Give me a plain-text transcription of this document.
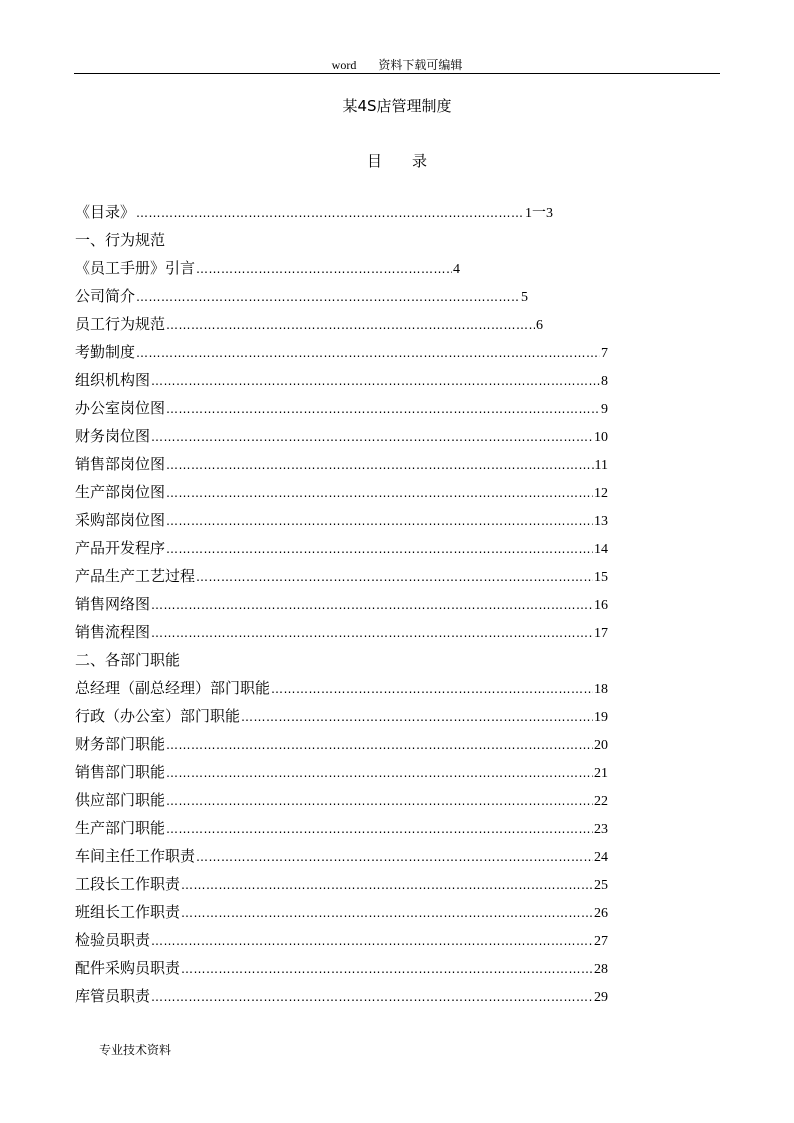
word 资料下载可编辑
某4S店管理制度
目 录
《目录》 ……………………………………………………………………………………………………………………………………………………………………………………………………………………	1一3
一、行为规范
《员工手册》引言 ……………………………………………………………………………………………………………………………………………………………………………………………………………………	4
公司简介 ……………………………………………………………………………………………………………………………………………………………………………………………………………………	5
员工行为规范 ……………………………………………………………………………………………………………………………………………………………………………………………………………………	6
考勤制度 ……………………………………………………………………………………………………………………………………………………………………………………………………………………	7
组织机构图 ……………………………………………………………………………………………………………………………………………………………………………………………………………………	8
办公室岗位图 ……………………………………………………………………………………………………………………………………………………………………………………………………………………	9
财务岗位图 ……………………………………………………………………………………………………………………………………………………………………………………………………………………	10
销售部岗位图 ……………………………………………………………………………………………………………………………………………………………………………………………………………………	11
生产部岗位图 ……………………………………………………………………………………………………………………………………………………………………………………………………………………	12
采购部岗位图 ……………………………………………………………………………………………………………………………………………………………………………………………………………………	13
产品开发程序 ……………………………………………………………………………………………………………………………………………………………………………………………………………………	14
产品生产工艺过程 ……………………………………………………………………………………………………………………………………………………………………………………………………………………	15
销售网络图 ……………………………………………………………………………………………………………………………………………………………………………………………………………………	16
销售流程图 ……………………………………………………………………………………………………………………………………………………………………………………………………………………	17
二、各部门职能
总经理（副总经理）部门职能 ……………………………………………………………………………………………………………………………………………………………………………………………………………………	18
行政（办公室）部门职能 ……………………………………………………………………………………………………………………………………………………………………………………………………………………	19
财务部门职能 ……………………………………………………………………………………………………………………………………………………………………………………………………………………	20
销售部门职能 ……………………………………………………………………………………………………………………………………………………………………………………………………………………	21
供应部门职能 ……………………………………………………………………………………………………………………………………………………………………………………………………………………	22
生产部门职能 ……………………………………………………………………………………………………………………………………………………………………………………………………………………	23
车间主任工作职责 ……………………………………………………………………………………………………………………………………………………………………………………………………………………	24
工段长工作职责 ……………………………………………………………………………………………………………………………………………………………………………………………………………………	25
班组长工作职责 ……………………………………………………………………………………………………………………………………………………………………………………………………………………	26
检验员职责 ……………………………………………………………………………………………………………………………………………………………………………………………………………………	27
配件采购员职责 ……………………………………………………………………………………………………………………………………………………………………………………………………………………	28
库管员职责 ……………………………………………………………………………………………………………………………………………………………………………………………………………………	29
专业技术资料
